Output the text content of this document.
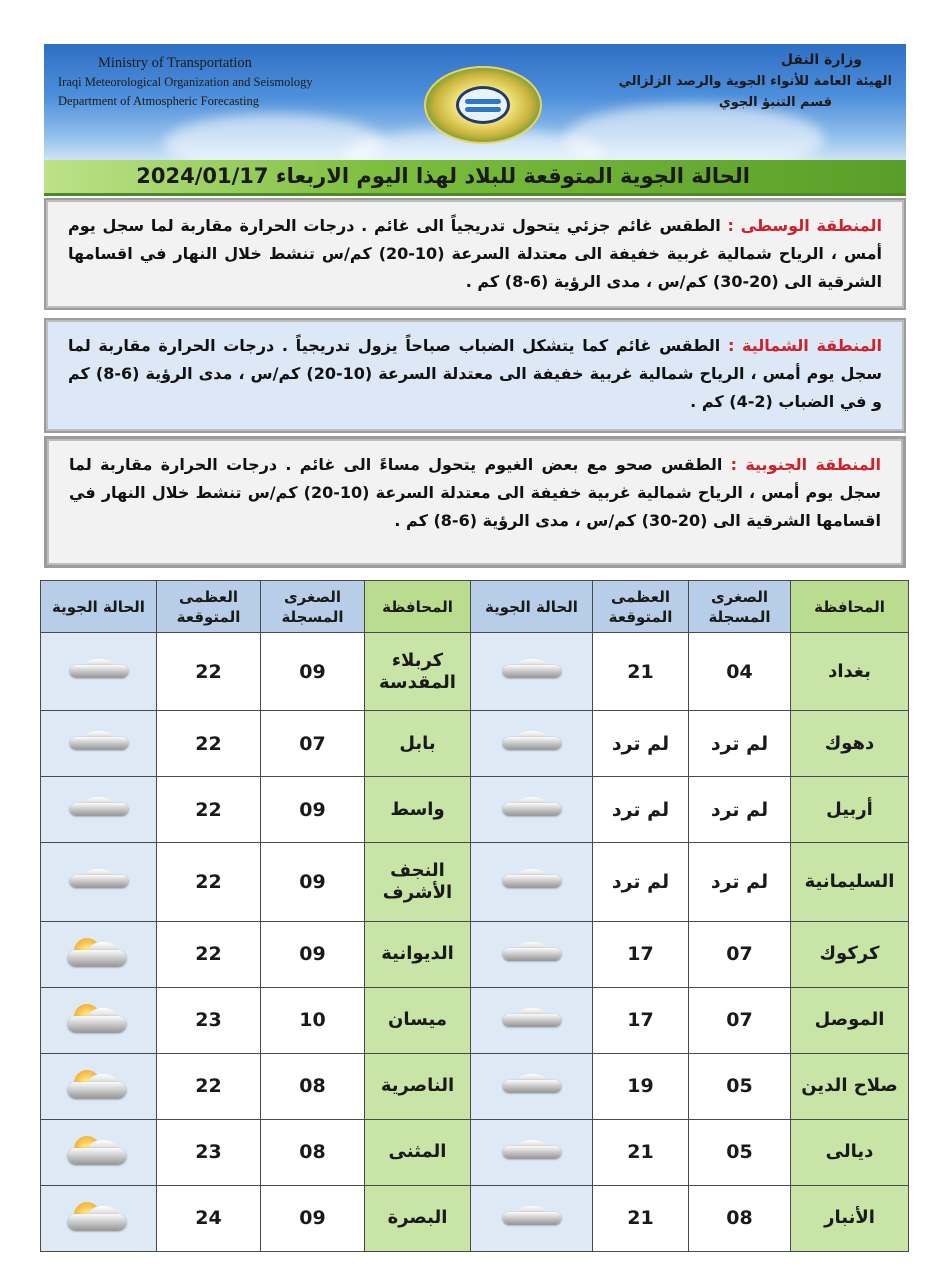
Ministry of Transportation
Iraqi Meteorological Organization and Seismology
Department of Atmospheric Forecasting
وزارة النقل
الهيئة العامة للأنواء الجوية والرصد الزلزالي
قسم التنبؤ الجوي
الحالة الجوية المتوقعة للبلاد لهذا اليوم الاربعاء 2024/01/17
المنطقة الوسطى : الطقس غائم جزئي يتحول تدريجياً الى غائم . درجات الحرارة مقاربة لما سجل يوم أمس ، الرياح شمالية غربية خفيفة الى معتدلة السرعة (10-20) كم/س تنشط خلال النهار في اقسامها الشرقية الى (20-30) كم/س ، مدى الرؤية (6-8) كم .
المنطقة الشمالية : الطقس غائم كما يتشكل الضباب صباحاً يزول تدريجياً . درجات الحرارة مقاربة لما سجل يوم أمس ، الرياح شمالية غربية خفيفة الى معتدلة السرعة (10-20) كم/س ، مدى الرؤية (6-8) كم و في الضباب (2-4) كم .
المنطقة الجنوبية : الطقس صحو مع بعض الغيوم يتحول مساءً الى غائم . درجات الحرارة مقاربة لما سجل يوم أمس ، الرياح شمالية غربية خفيفة الى معتدلة السرعة (10-20) كم/س تنشط خلال النهار في اقسامها الشرقية الى (20-30) كم/س ، مدى الرؤية (6-8) كم .
المحافظة	الصغرى المسجلة	العظمى المتوقعة	الحالة الجوية	المحافظة	الصغرى المسجلة	العظمى المتوقعة	الحالة الجوية
بغداد	04	21		كربلاء المقدسة	09	22	

دهوك	لم ترد	لم ترد		بابل	07	22	

أربيل	لم ترد	لم ترد		واسط	09	22	

السليمانية	لم ترد	لم ترد		النجف الأشرف	09	22	

كركوك	07	17		الديوانية	09	22	

الموصل	07	17		ميسان	10	23	

صلاح الدين	05	19		الناصرية	08	22	

ديالى	05	21		المثنى	08	23	

الأنبار	08	21		البصرة	09	24	
